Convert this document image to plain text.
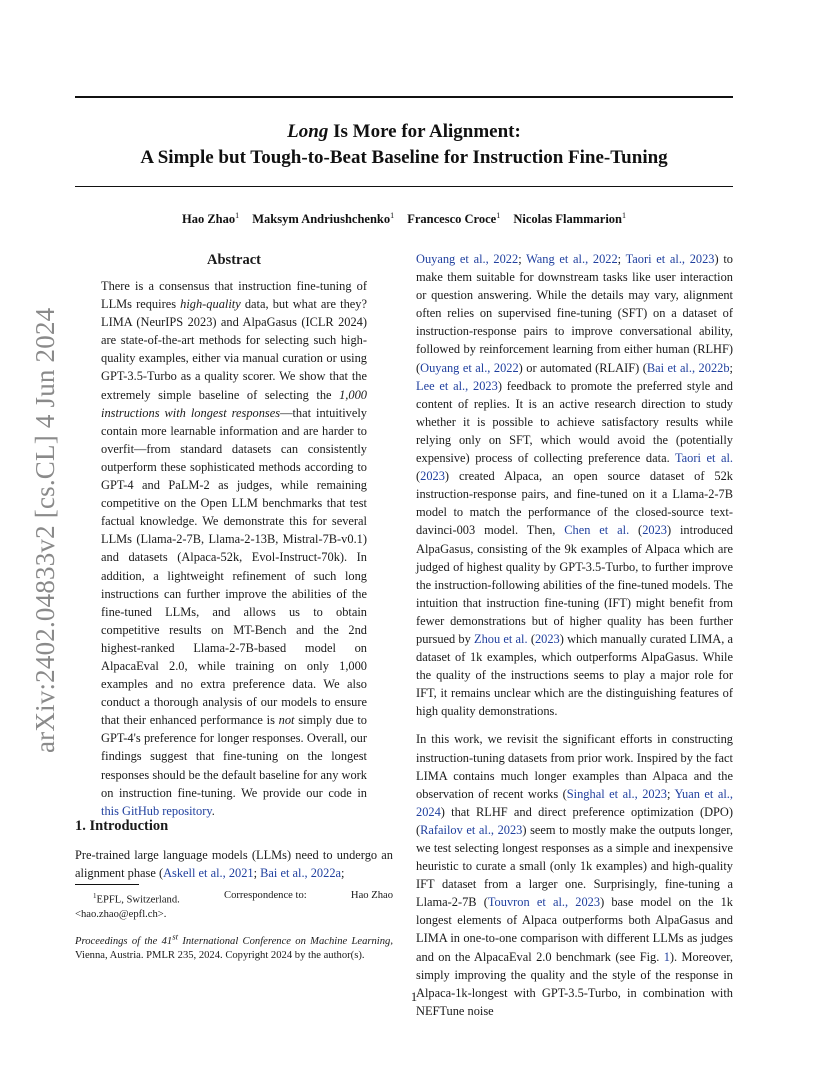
arXiv:2402.04833v2 [cs.CL] 4 Jun 2024
Long Is More for Alignment:
A Simple but Tough-to-Beat Baseline for Instruction Fine-Tuning
Hao Zhao$^1$ Maksym Andriushchenko$^1$ Francesco Croce$^1$ Nicolas Flammarion$^1$
Abstract

There is a consensus that instruction fine-tuning of LLMs requires high-quality data, but what are they? LIMA (NeurIPS 2023) and AlpaGasus (ICLR 2024) are state-of-the-art methods for selecting such high-quality examples, either via manual curation or using GPT-3.5-Turbo as a quality scorer. We show that the extremely simple baseline of selecting the 1,000 instructions with longest responses—that intuitively contain more learnable information and are harder to overfit—from standard datasets can consistently outperform these sophisticated methods according to GPT-4 and PaLM-2 as judges, while remaining competitive on the Open LLM benchmarks that test factual knowledge. We demonstrate this for several LLMs (Llama-2-7B, Llama-2-13B, Mistral-7B-v0.1) and datasets (Alpaca-52k, Evol-Instruct-70k). In addition, a lightweight refinement of such long instructions can further improve the abilities of the fine-tuned LLMs, and allows us to obtain competitive results on MT-Bench and the 2nd highest-ranked Llama-2-7B-based model on AlpacaEval 2.0, while training on only 1,000 examples and no extra preference data. We also conduct a thorough analysis of our models to ensure that their enhanced performance is not simply due to GPT-4's preference for longer responses. Overall, our findings suggest that fine-tuning on the longest responses should be the default baseline for any work on instruction fine-tuning. We provide our code in this GitHub repository.

1. Introduction

Pre-trained large language models (LLMs) need to undergo an alignment phase (Askell et al., 2021; Bai et al., 2022a;

$^1$EPFL, Switzerland.	Correspondence to:	Hao Zhao
<hao.zhao@epfl.ch>.
Proceedings of the 41st International Conference on Machine Learning, Vienna, Austria. PMLR 235, 2024. Copyright 2024 by the author(s).

Ouyang et al., 2022; Wang et al., 2022; Taori et al., 2023) to make them suitable for downstream tasks like user interaction or question answering. While the details may vary, alignment often relies on supervised fine-tuning (SFT) on a dataset of instruction-response pairs to improve conversational ability, followed by reinforcement learning from either human (RLHF) (Ouyang et al., 2022) or automated (RLAIF) (Bai et al., 2022b; Lee et al., 2023) feedback to promote the preferred style and content of replies. It is an active research direction to study whether it is possible to achieve satisfactory results while relying only on SFT, which would avoid the (potentially expensive) process of collecting preference data. Taori et al. (2023) created Alpaca, an open source dataset of 52k instruction-response pairs, and fine-tuned on it a Llama-2-7B model to match the performance of the closed-source text-davinci-003 model. Then, Chen et al. (2023) introduced AlpaGasus, consisting of the 9k examples of Alpaca which are judged of highest quality by GPT-3.5-Turbo, to further improve the instruction-following abilities of the fine-tuned models. The intuition that instruction fine-tuning (IFT) might benefit from fewer demonstrations but of higher quality has been further pursued by Zhou et al. (2023) which manually curated LIMA, a dataset of 1k examples, which outperforms AlpaGasus. While the quality of the instructions seems to play a major role for IFT, it remains unclear which are the distinguishing features of high quality demonstrations.

In this work, we revisit the significant efforts in constructing instruction-tuning datasets from prior work. Inspired by the fact LIMA contains much longer examples than Alpaca and the observation of recent works (Singhal et al., 2023; Yuan et al., 2024) that RLHF and direct preference optimization (DPO) (Rafailov et al., 2023) seem to mostly make the outputs longer, we test selecting longest responses as a simple and inexpensive heuristic to curate a small (only 1k examples) and high-quality IFT dataset from a larger one. Surprisingly, fine-tuning a Llama-2-7B (Touvron et al., 2023) base model on the 1k longest elements of Alpaca outperforms both AlpaGasus and LIMA in one-to-one comparison with different LLMs as judges and on the AlpacaEval 2.0 benchmark (see Fig. 1). Moreover, simply improving the quality and the style of the response in Alpaca-1k-longest with GPT-3.5-Turbo, in combination with NEFTune noise

1
